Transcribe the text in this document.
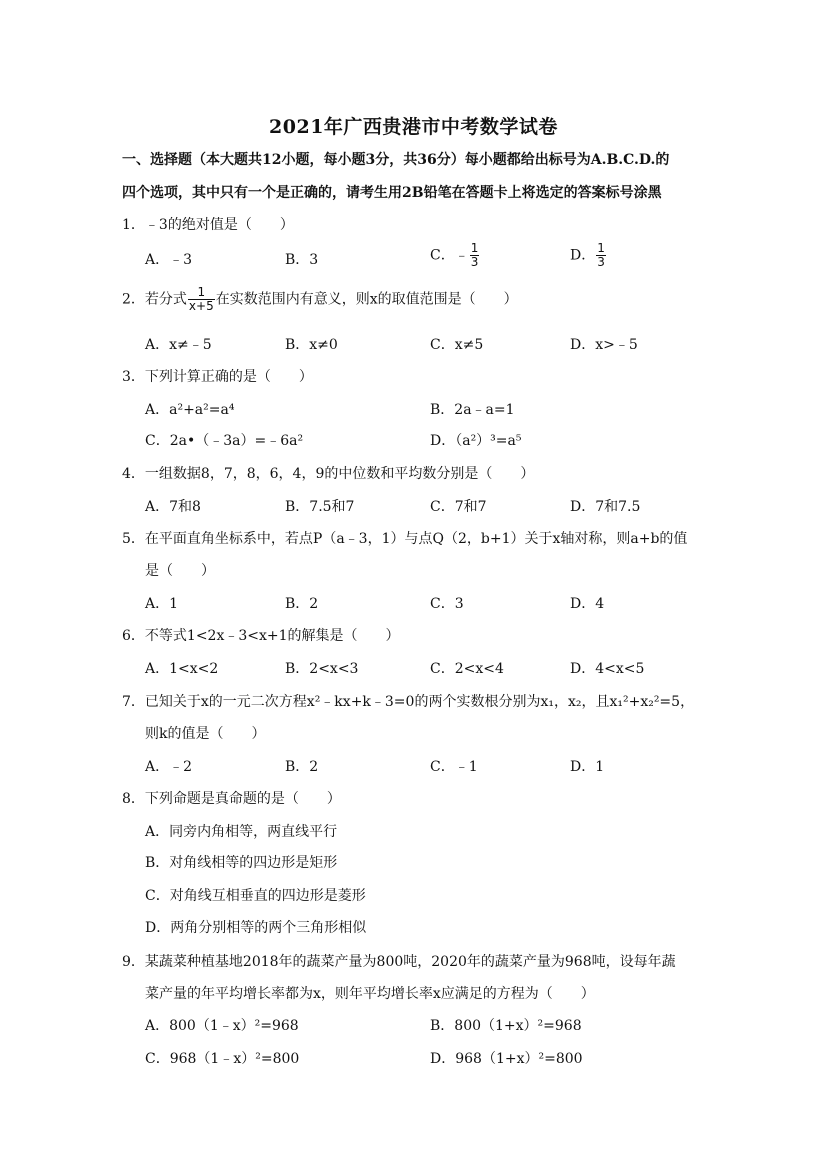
2021年广西贵港市中考数学试卷
一、选择题（本大题共12小题，每小题3分，共36分）每小题都给出标号为A.B.C.D.的
四个选项，其中只有一个是正确的，请考生用2B铅笔在答题卡上将选定的答案标号涂黑
1．﹣3的绝对值是（　　）
A．﹣3	B．3	C．﹣ $\frac{1}{3}$	D． $\frac{1}{3}$
2．若分式 $\frac{1}{x+5}$ 在实数范围内有意义，则x的取值范围是（　　）
A．x≠﹣5	B．x≠0	C．x≠5	D．x>﹣5
3．下列计算正确的是（　　）
A．a²+a²=a⁴	B．2a﹣a=1
C．2a•（﹣3a）=﹣6a²	D．（a²）³=a⁵
4．一组数据8，7，8，6，4，9的中位数和平均数分别是（　　）
A．7和8	B．7.5和7	C．7和7	D．7和7.5
5．在平面直角坐标系中，若点P（a﹣3，1）与点Q（2，b+1）关于x轴对称，则a+b的值
是（　　）
A．1	B．2	C．3	D．4
6．不等式1<2x﹣3<x+1的解集是（　　）
A．1<x<2	B．2<x<3	C．2<x<4	D．4<x<5
7．已知关于x的一元二次方程x²﹣kx+k﹣3=0的两个实数根分别为x₁，x₂，且x₁²+x₂²=5，
则k的值是（　　）
A．﹣2	B．2	C．﹣1	D．1
8．下列命题是真命题的是（　　）
A．同旁内角相等，两直线平行
B．对角线相等的四边形是矩形
C．对角线互相垂直的四边形是菱形
D．两角分别相等的两个三角形相似
9．某蔬菜种植基地2018年的蔬菜产量为800吨，2020年的蔬菜产量为968吨，设每年蔬
菜产量的年平均增长率都为x，则年平均增长率x应满足的方程为（　　）
A．800（1﹣x）²=968	B．800（1+x）²=968
C．968（1﹣x）²=800	D．968（1+x）²=800
